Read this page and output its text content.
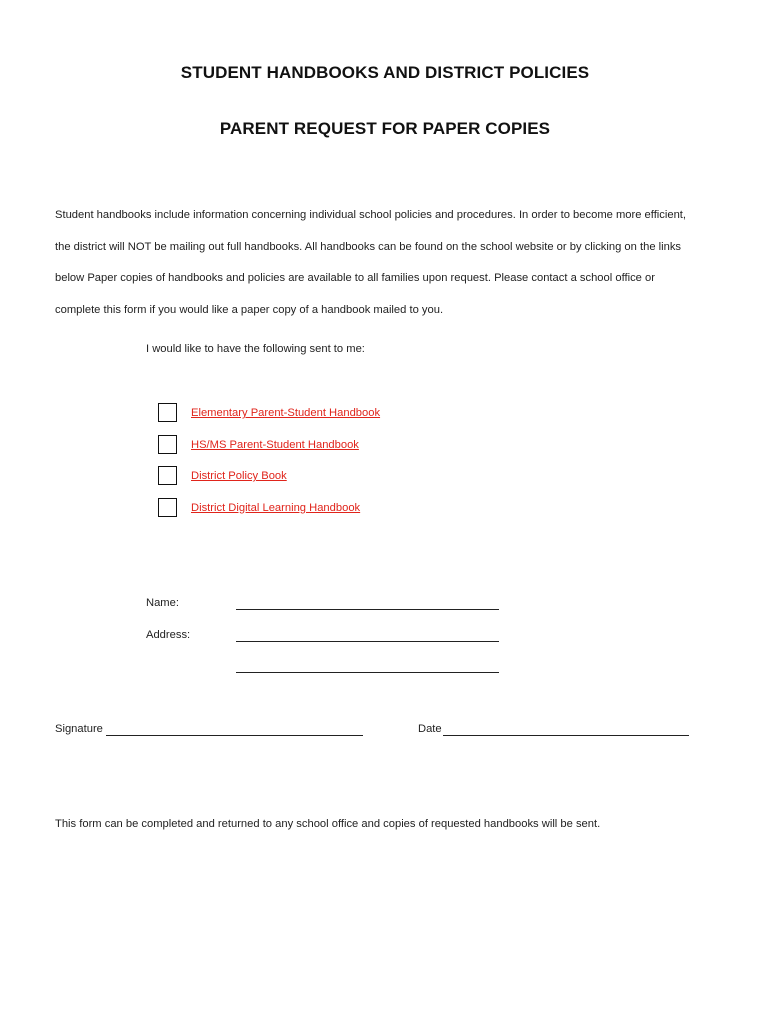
STUDENT HANDBOOKS AND DISTRICT POLICIES
PARENT REQUEST FOR PAPER COPIES
Student handbooks include information concerning individual school policies and procedures. In order to become more efficient,
the district will NOT be mailing out full handbooks. All handbooks can be found on the school website or by clicking on the links
below Paper copies of handbooks and policies are available to all families upon request. Please contact a school office or
complete this form if you would like a paper copy of a handbook mailed to you.
I would like to have the following sent to me:
Elementary Parent-Student Handbook
HS/MS Parent-Student Handbook
District Policy Book
District Digital Learning Handbook
Name:
Address:
Signature	Date
This form can be completed and returned to any school office and copies of requested handbooks will be sent.
